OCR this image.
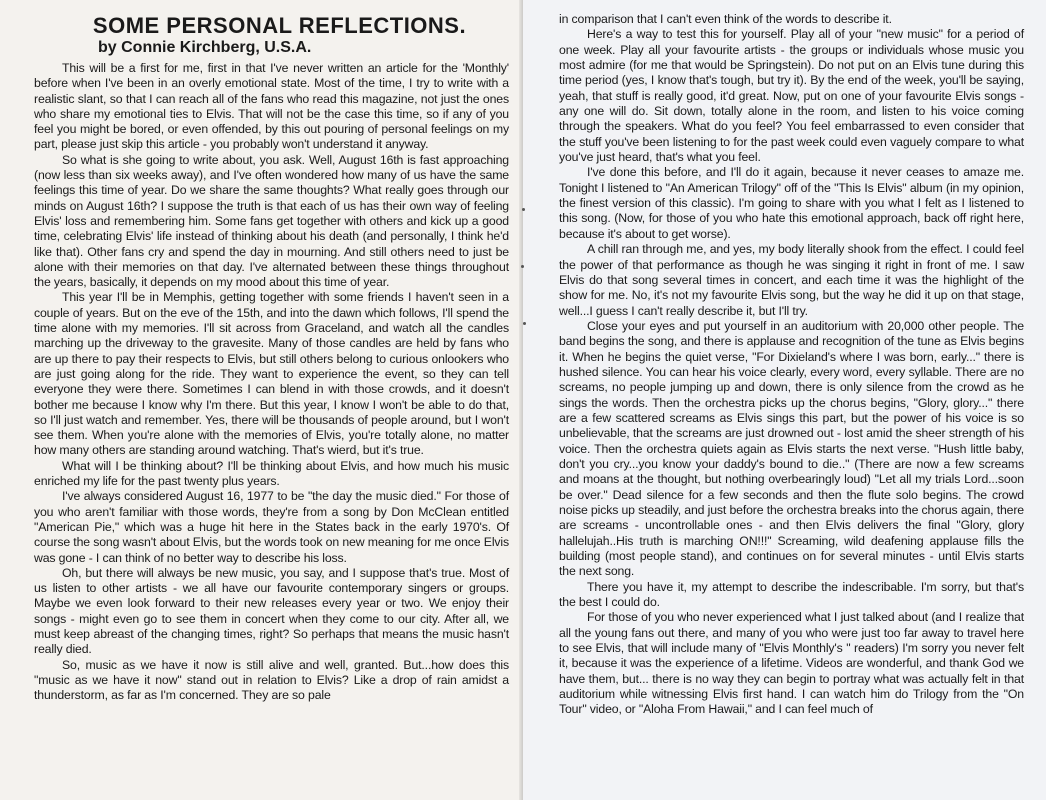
SOME PERSONAL REFLECTIONS.
by Connie Kirchberg, U.S.A.

This will be a first for me, first in that I've never written an article for the 'Monthly' before when I've been in an overly emotional state. Most of the time, I try to write with a realistic slant, so that I can reach all of the fans who read this magazine, not just the ones who share my emotional ties to Elvis. That will not be the case this time, so if any of you feel you might be bored, or even offended, by this out pouring of personal feelings on my part, please just skip this article - you probably won't understand it anyway.

So what is she going to write about, you ask. Well, August 16th is fast approaching (now less than six weeks away), and I've often wondered how many of us have the same feelings this time of year. Do we share the same thoughts? What really goes through our minds on August 16th? I suppose the truth is that each of us has their own way of feeling Elvis' loss and remembering him. Some fans get together with others and kick up a good time, celebrating Elvis' life instead of thinking about his death (and personally, I think he'd like that). Other fans cry and spend the day in mourning. And still others need to just be alone with their memories on that day. I've alternated between these things throughout the years, basically, it depends on my mood about this time of year.

This year I'll be in Memphis, getting together with some friends I haven't seen in a couple of years. But on the eve of the 15th, and into the dawn which follows, I'll spend the time alone with my memories. I'll sit across from Graceland, and watch all the candles marching up the driveway to the gravesite. Many of those candles are held by fans who are up there to pay their respects to Elvis, but still others belong to curious onlookers who are just going along for the ride. They want to experience the event, so they can tell everyone they were there. Sometimes I can blend in with those crowds, and it doesn't bother me because I know why I'm there. But this year, I know I won't be able to do that, so I'll just watch and remember. Yes, there will be thousands of people around, but I won't see them. When you're alone with the memories of Elvis, you're totally alone, no matter how many others are standing around watching. That's wierd, but it's true.

What will I be thinking about? I'll be thinking about Elvis, and how much his music enriched my life for the past twenty plus years.

I've always considered August 16, 1977 to be "the day the music died." For those of you who aren't familiar with those words, they're from a song by Don McClean entitled "American Pie," which was a huge hit here in the States back in the early 1970's. Of course the song wasn't about Elvis, but the words took on new meaning for me once Elvis was gone - I can think of no better way to describe his loss.

Oh, but there will always be new music, you say, and I suppose that's true. Most of us listen to other artists - we all have our favourite contemporary singers or groups. Maybe we even look forward to their new releases every year or two. We enjoy their songs - might even go to see them in concert when they come to our city. After all, we must keep abreast of the changing times, right? So perhaps that means the music hasn't really died.

So, music as we have it now is still alive and well, granted. But...how does this "music as we have it now" stand out in relation to Elvis? Like a drop of rain amidst a thunderstorm, as far as I'm concerned. They are so pale

in comparison that I can't even think of the words to describe it.

Here's a way to test this for yourself. Play all of your "new music" for a period of one week. Play all your favourite artists - the groups or individuals whose music you most admire (for me that would be Springstein). Do not put on an Elvis tune during this time period (yes, I know that's tough, but try it). By the end of the week, you'll be saying, yeah, that stuff is really good, it'd great. Now, put on one of your favourite Elvis songs - any one will do. Sit down, totally alone in the room, and listen to his voice coming through the speakers. What do you feel? You feel embarrassed to even consider that the stuff you've been listening to for the past week could even vaguely compare to what you've just heard, that's what you feel.

I've done this before, and I'll do it again, because it never ceases to amaze me. Tonight I listened to "An American Trilogy" off of the "This Is Elvis" album (in my opinion, the finest version of this classic). I'm going to share with you what I felt as I listened to this song. (Now, for those of you who hate this emotional approach, back off right here, because it's about to get worse).

A chill ran through me, and yes, my body literally shook from the effect. I could feel the power of that performance as though he was singing it right in front of me. I saw Elvis do that song several times in concert, and each time it was the highlight of the show for me. No, it's not my favourite Elvis song, but the way he did it up on that stage, well...I guess I can't really describe it, but I'll try.

Close your eyes and put yourself in an auditorium with 20,000 other people. The band begins the song, and there is applause and recognition of the tune as Elvis begins it. When he begins the quiet verse, "For Dixieland's where I was born, early..." there is hushed silence. You can hear his voice clearly, every word, every syllable. There are no screams, no people jumping up and down, there is only silence from the crowd as he sings the words. Then the orchestra picks up the chorus begins, "Glory, glory..." there are a few scattered screams as Elvis sings this part, but the power of his voice is so unbelievable, that the screams are just drowned out - lost amid the sheer strength of his voice. Then the orchestra quiets again as Elvis starts the next verse. "Hush little baby, don't you cry...you know your daddy's bound to die.." (There are now a few screams and moans at the thought, but nothing overbearingly loud) "Let all my trials Lord...soon be over." Dead silence for a few seconds and then the flute solo begins. The crowd noise picks up steadily, and just before the orchestra breaks into the chorus again, there are screams - uncontrollable ones - and then Elvis delivers the final "Glory, glory hallelujah..His truth is marching ON!!!" Screaming, wild deafening applause fills the building (most people stand), and continues on for several minutes - until Elvis starts the next song.

There you have it, my attempt to describe the indescribable. I'm sorry, but that's the best I could do.

For those of you who never experienced what I just talked about (and I realize that all the young fans out there, and many of you who were just too far away to travel here to see Elvis, that will include many of "Elvis Monthly's " readers) I'm sorry you never felt it, because it was the experience of a lifetime. Videos are wonderful, and thank God we have them, but... there is no way they can begin to portray what was actually felt in that auditorium while witnessing Elvis first hand. I can watch him do Trilogy from the "On Tour" video, or "Aloha From Hawaii," and I can feel much of
